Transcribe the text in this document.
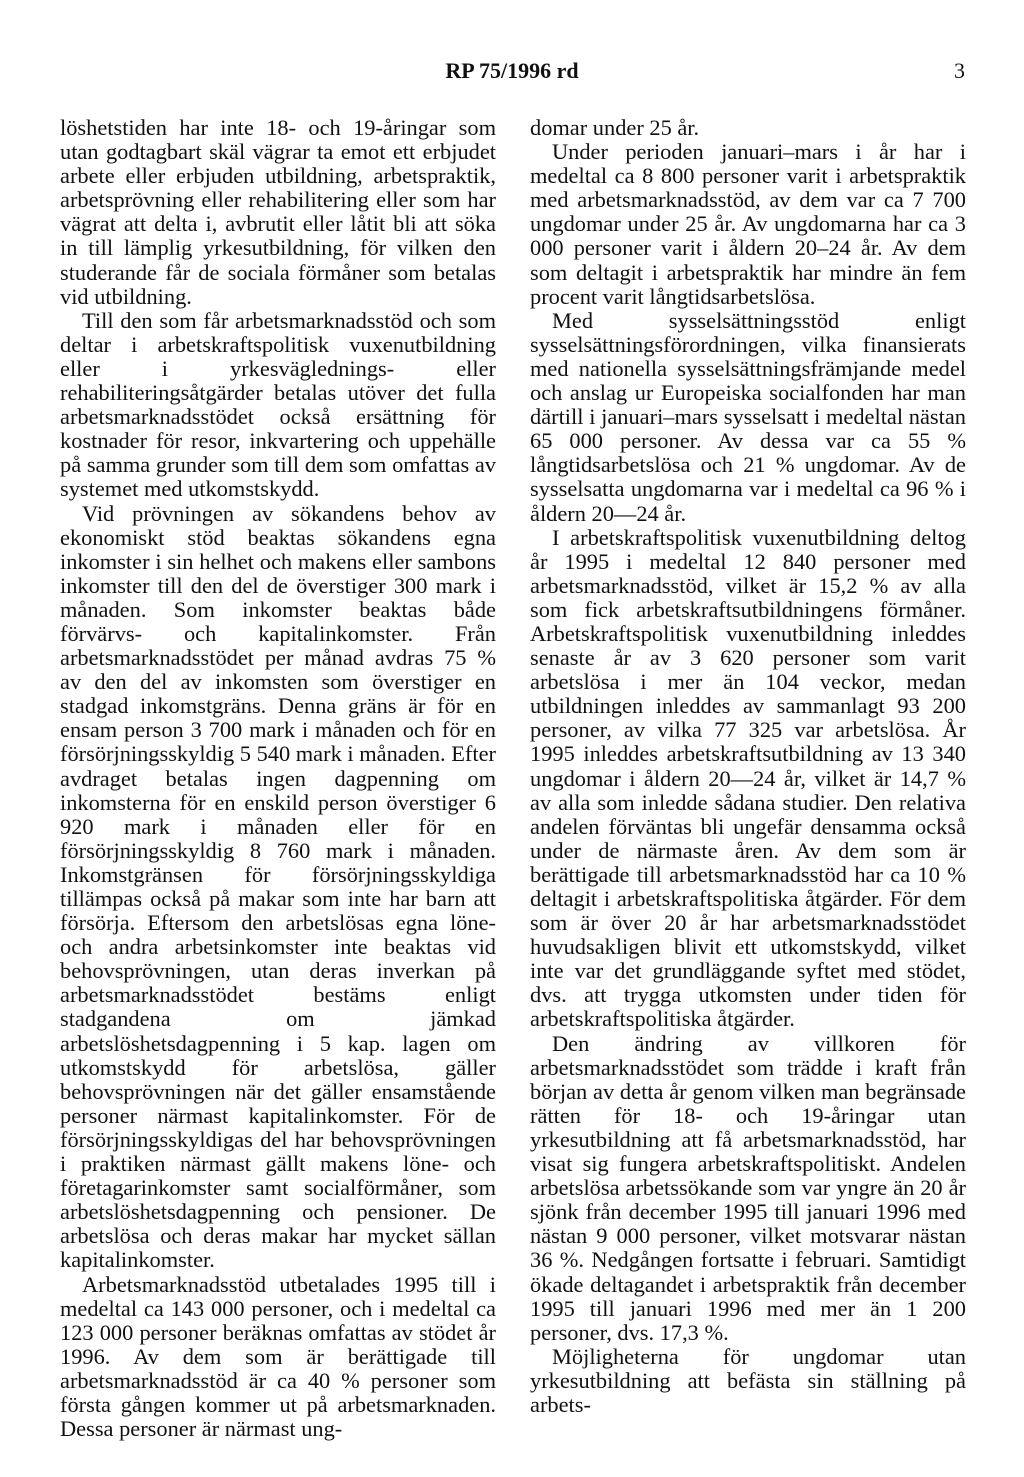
RP 75/1996 rd	3

löshetstiden har inte 18- och 19-åringar som utan godtagbart skäl vägrar ta emot ett erbjudet arbete eller erbjuden utbildning, arbetspraktik, arbetsprövning eller rehabilitering eller som har vägrat att delta i, avbrutit eller låtit bli att söka in till lämplig yrkesutbildning, för vilken den studerande får de sociala förmåner som betalas vid utbildning.

Till den som får arbetsmarknadsstöd och som deltar i arbetskraftspolitisk vuxenutbildning eller i yrkesväglednings- eller rehabiliteringsåtgärder betalas utöver det fulla arbetsmarknadsstödet också ersättning för kostnader för resor, inkvartering och uppehälle på samma grunder som till dem som omfattas av systemet med utkomstskydd.

Vid prövningen av sökandens behov av ekonomiskt stöd beaktas sökandens egna inkomster i sin helhet och makens eller sambons inkomster till den del de överstiger 300 mark i månaden. Som inkomster beaktas både förvärvs- och kapitalinkomster. Från arbetsmarknadsstödet per månad avdras 75 % av den del av inkomsten som överstiger en stadgad inkomstgräns. Denna gräns är för en ensam person 3 700 mark i månaden och för en försörjningsskyldig 5 540 mark i månaden. Efter avdraget betalas ingen dagpenning om inkomsterna för en enskild person överstiger 6 920 mark i månaden eller för en försörjningsskyldig 8 760 mark i månaden. Inkomstgränsen för försörjningsskyldiga tillämpas också på makar som inte har barn att försörja. Eftersom den arbetslösas egna löne- och andra arbetsinkomster inte beaktas vid behovsprövningen, utan deras inverkan på arbetsmarknadsstödet bestäms enligt stadgandena om jämkad arbetslöshetsdagpenning i 5 kap. lagen om utkomstskydd för arbetslösa, gäller behovsprövningen när det gäller ensamstående personer närmast kapitalinkomster. För de försörjningsskyldigas del har behovsprövningen i praktiken närmast gällt makens löne- och företagarinkomster samt socialförmåner, som arbetslöshetsdagpenning och pensioner. De arbetslösa och deras makar har mycket sällan kapitalinkomster.

Arbetsmarknadsstöd utbetalades 1995 till i medeltal ca 143 000 personer, och i medeltal ca 123 000 personer beräknas omfattas av stödet år 1996. Av dem som är berättigade till arbetsmarknadsstöd är ca 40 % personer som första gången kommer ut på arbetsmarknaden. Dessa personer är närmast ung-

domar under 25 år.

Under perioden januari–mars i år har i medeltal ca 8 800 personer varit i arbetspraktik med arbetsmarknadsstöd, av dem var ca 7 700 ungdomar under 25 år. Av ungdomarna har ca 3 000 personer varit i åldern 20–24 år. Av dem som deltagit i arbetspraktik har mindre än fem procent varit långtidsarbetslösa.

Med sysselsättningsstöd enligt sysselsättningsförordningen, vilka finansierats med nationella sysselsättningsfrämjande medel och anslag ur Europeiska socialfonden har man därtill i januari–mars sysselsatt i medeltal nästan 65 000 personer. Av dessa var ca 55 % långtidsarbetslösa och 21 % ungdomar. Av de sysselsatta ungdomarna var i medeltal ca 96 % i åldern 20—24 år.

I arbetskraftspolitisk vuxenutbildning deltog år 1995 i medeltal 12 840 personer med arbetsmarknadsstöd, vilket är 15,2 % av alla som fick arbetskraftsutbildningens förmåner. Arbetskraftspolitisk vuxenutbildning inleddes senaste år av 3 620 personer som varit arbetslösa i mer än 104 veckor, medan utbildningen inleddes av sammanlagt 93 200 personer, av vilka 77 325 var arbetslösa. År 1995 inleddes arbetskraftsutbildning av 13 340 ungdomar i åldern 20—24 år, vilket är 14,7 % av alla som inledde sådana studier. Den relativa andelen förväntas bli ungefär densamma också under de närmaste åren. Av dem som är berättigade till arbetsmarknadsstöd har ca 10 % deltagit i arbetskraftspolitiska åtgärder. För dem som är över 20 år har arbetsmarknadsstödet huvudsakligen blivit ett utkomstskydd, vilket inte var det grundläggande syftet med stödet, dvs. att trygga utkomsten under tiden för arbetskraftspolitiska åtgärder.

Den ändring av villkoren för arbetsmarknadsstödet som trädde i kraft från början av detta år genom vilken man begränsade rätten för 18- och 19-åringar utan yrkesutbildning att få arbetsmarknadsstöd, har visat sig fungera arbetskraftspolitiskt. Andelen arbetslösa arbetssökande som var yngre än 20 år sjönk från december 1995 till januari 1996 med nästan 9 000 personer, vilket motsvarar nästan 36 %. Nedgången fortsatte i februari. Samtidigt ökade deltagandet i arbetspraktik från december 1995 till januari 1996 med mer än 1 200 personer, dvs. 17,3 %.

Möjligheterna för ungdomar utan yrkesutbildning att befästa sin ställning på arbets-
